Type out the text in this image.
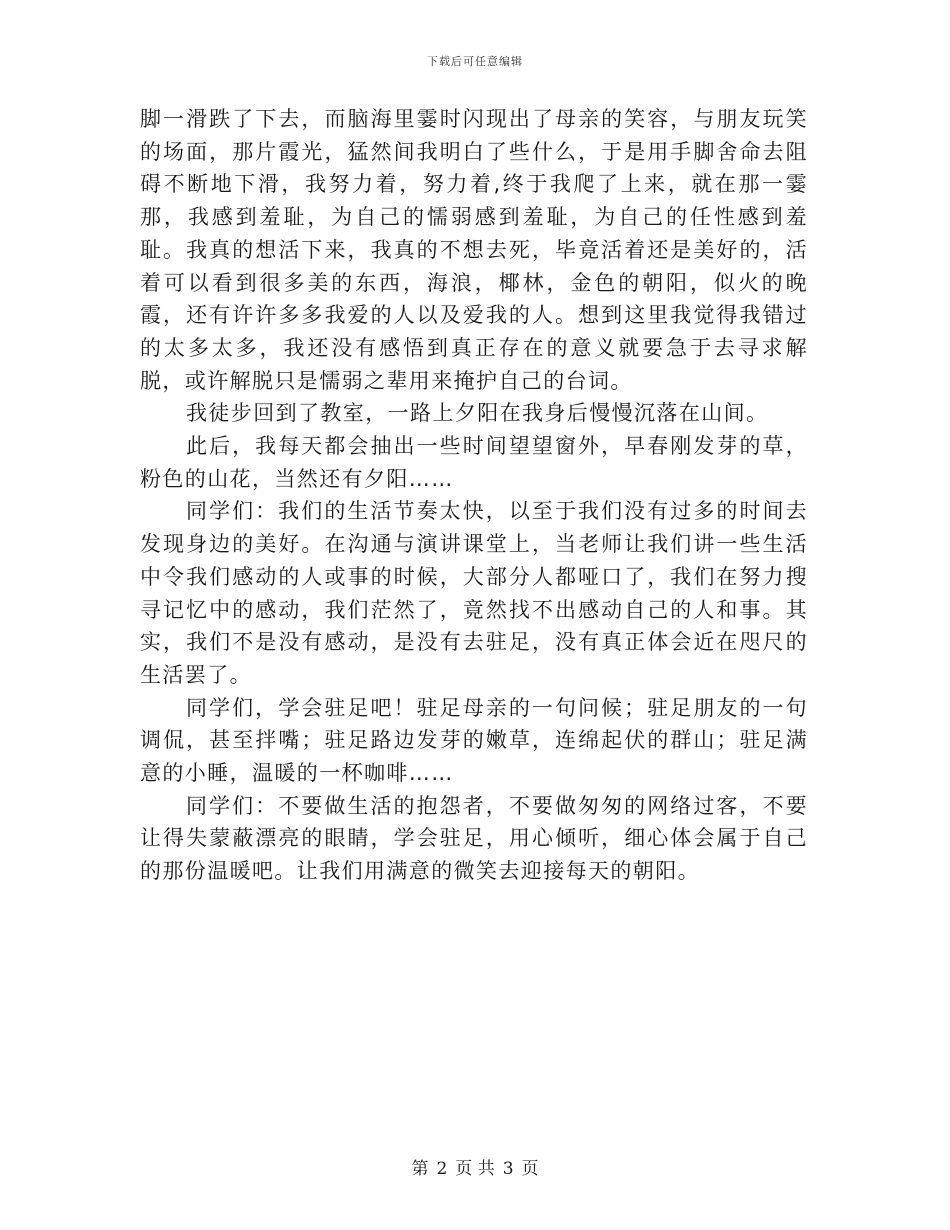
下载后可任意编辑

脚一滑跌了下去，而脑海里霎时闪现出了母亲的笑容，与朋友玩笑的场面，那片霞光，猛然间我明白了些什么，于是用手脚舍命去阻碍不断地下滑，我努力着，努力着,终于我爬了上来，就在那一霎那，我感到羞耻，为自己的懦弱感到羞耻，为自己的任性感到羞耻。我真的想活下来，我真的不想去死，毕竟活着还是美好的，活着可以看到很多美的东西，海浪，椰林，金色的朝阳，似火的晚霞，还有许许多多我爱的人以及爱我的人。想到这里我觉得我错过的太多太多，我还没有感悟到真正存在的意义就要急于去寻求解脱，或许解脱只是懦弱之辈用来掩护自己的台词。

我徒步回到了教室，一路上夕阳在我身后慢慢沉落在山间。

此后，我每天都会抽出一些时间望望窗外，早春刚发芽的草，粉色的山花，当然还有夕阳……

同学们：我们的生活节奏太快，以至于我们没有过多的时间去发现身边的美好。在沟通与演讲课堂上，当老师让我们讲一些生活中令我们感动的人或事的时候，大部分人都哑口了，我们在努力搜寻记忆中的感动，我们茫然了，竟然找不出感动自己的人和事。其实，我们不是没有感动，是没有去驻足，没有真正体会近在咫尺的生活罢了。

同学们，学会驻足吧！驻足母亲的一句问候；驻足朋友的一句调侃，甚至拌嘴；驻足路边发芽的嫩草，连绵起伏的群山；驻足满意的小睡，温暖的一杯咖啡……

同学们：不要做生活的抱怨者，不要做匆匆的网络过客，不要让得失蒙蔽漂亮的眼睛，学会驻足，用心倾听，细心体会属于自己的那份温暖吧。让我们用满意的微笑去迎接每天的朝阳。

第 2 页 共 3 页
